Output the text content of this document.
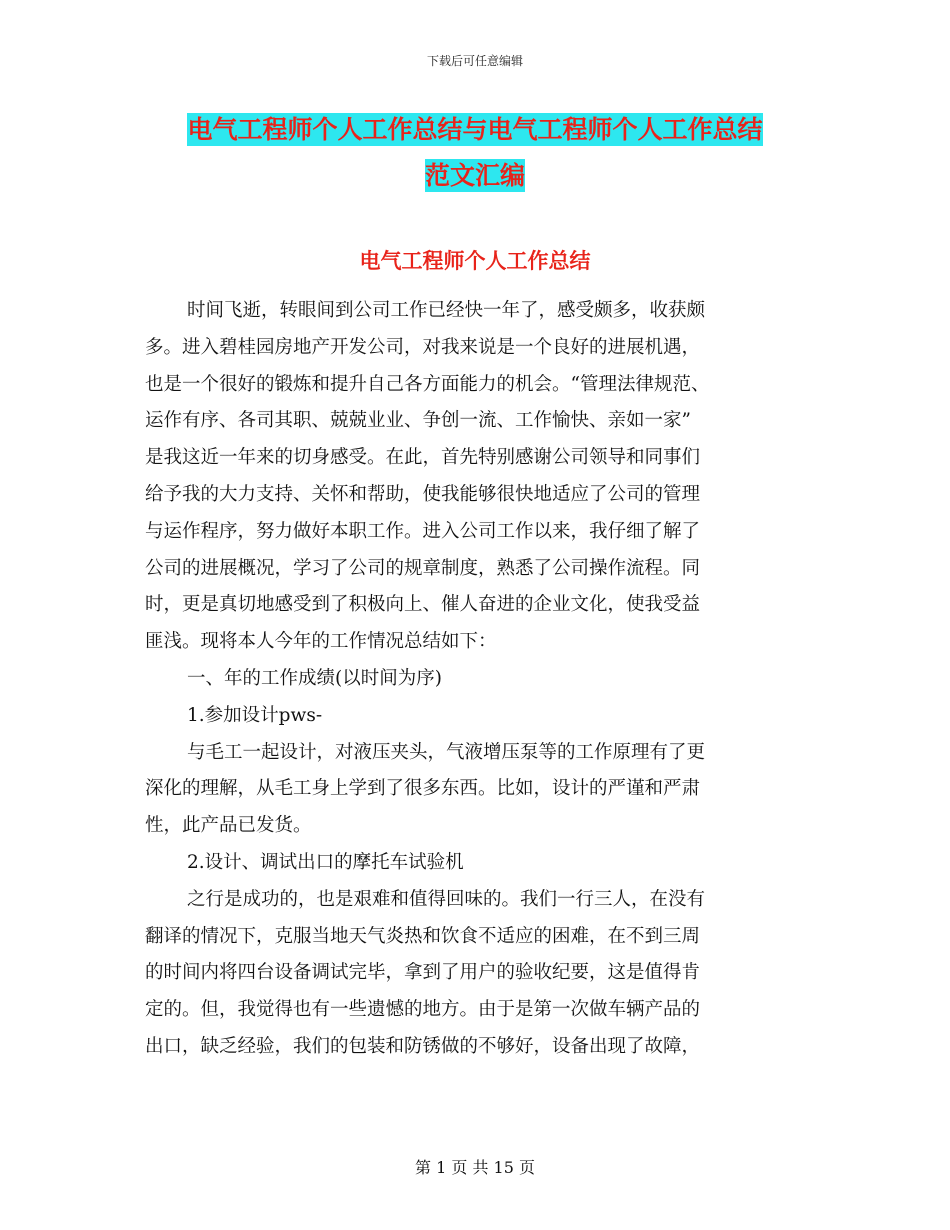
下载后可任意编辑
电气工程师个人工作总结与电气工程师个人工作总结
范文汇编
电气工程师个人工作总结
时间飞逝，转眼间到公司工作已经快一年了，感受颇多，收获颇
多。进入碧桂园房地产开发公司，对我来说是一个良好的进展机遇，
也是一个很好的锻炼和提升自己各方面能力的机会。“管理法律规范、
运作有序、各司其职、兢兢业业、争创一流、工作愉快、亲如一家”
是我这近一年来的切身感受。在此，首先特别感谢公司领导和同事们
给予我的大力支持、关怀和帮助，使我能够很快地适应了公司的管理
与运作程序，努力做好本职工作。进入公司工作以来，我仔细了解了
公司的进展概况，学习了公司的规章制度，熟悉了公司操作流程。同
时，更是真切地感受到了积极向上、催人奋进的企业文化，使我受益
匪浅。现将本人今年的工作情况总结如下：
一、年的工作成绩(以时间为序)
1.参加设计pws-
与毛工一起设计，对液压夹头，气液增压泵等的工作原理有了更
深化的理解，从毛工身上学到了很多东西。比如，设计的严谨和严肃
性，此产品已发货。
2.设计、调试出口的摩托车试验机
之行是成功的，也是艰难和值得回味的。我们一行三人，在没有
翻译的情况下，克服当地天气炎热和饮食不适应的困难，在不到三周
的时间内将四台设备调试完毕，拿到了用户的验收纪要，这是值得肯
定的。但，我觉得也有一些遗憾的地方。由于是第一次做车辆产品的
出口，缺乏经验，我们的包装和防锈做的不够好，设备出现了故障，
第 1 页 共 15 页
